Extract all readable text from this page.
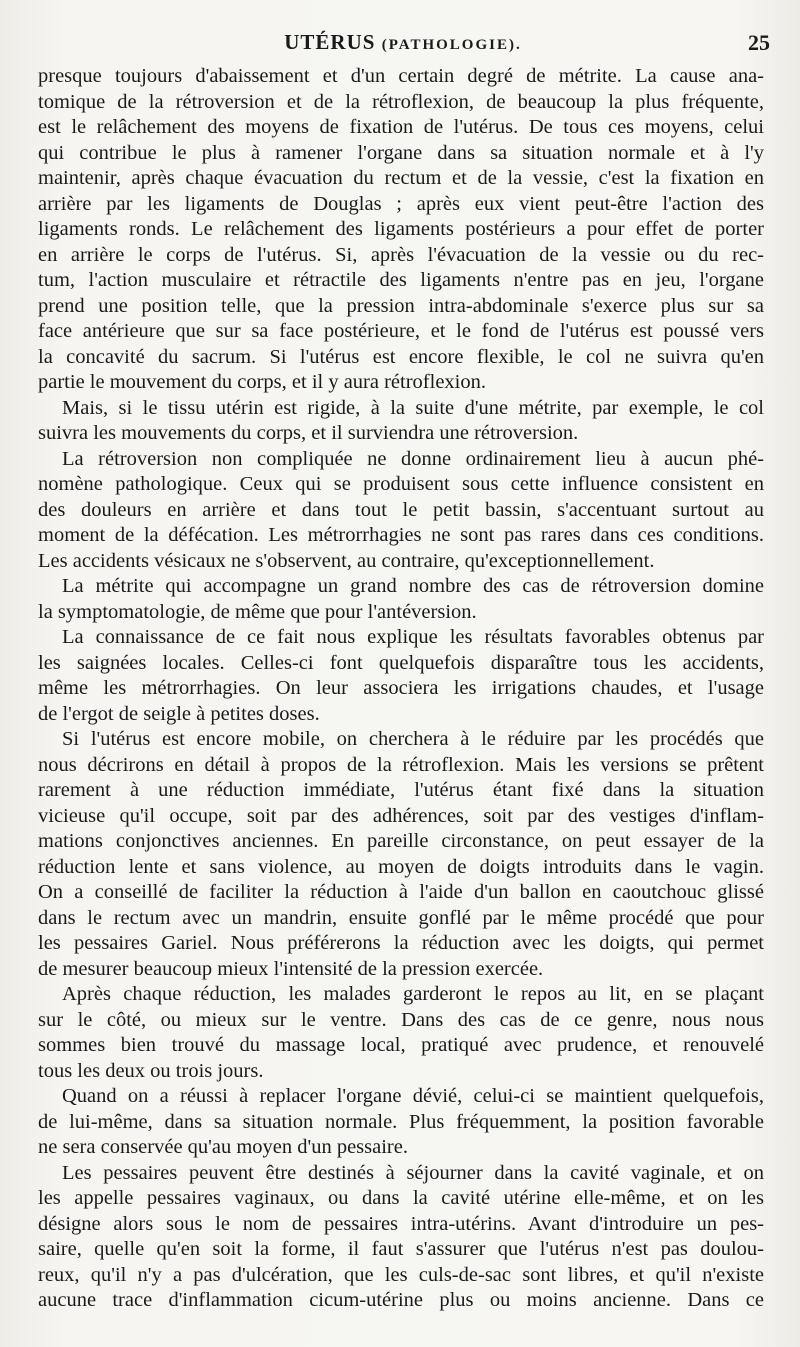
UTÉRUS (PATHOLOGIE).	25
presque toujours d'abaissement et d'un certain degré de métrite. La cause ana-
tomique de la rétroversion et de la rétroflexion, de beaucoup la plus fréquente,
est le relâchement des moyens de fixation de l'utérus. De tous ces moyens, celui
qui contribue le plus à ramener l'organe dans sa situation normale et à l'y
maintenir, après chaque évacuation du rectum et de la vessie, c'est la fixation en
arrière par les ligaments de Douglas ; après eux vient peut-être l'action des
ligaments ronds. Le relâchement des ligaments postérieurs a pour effet de porter
en arrière le corps de l'utérus. Si, après l'évacuation de la vessie ou du rec-
tum, l'action musculaire et rétractile des ligaments n'entre pas en jeu, l'organe
prend une position telle, que la pression intra-abdominale s'exerce plus sur sa
face antérieure que sur sa face postérieure, et le fond de l'utérus est poussé vers
la concavité du sacrum. Si l'utérus est encore flexible, le col ne suivra qu'en
partie le mouvement du corps, et il y aura rétroflexion.
Mais, si le tissu utérin est rigide, à la suite d'une métrite, par exemple, le col
suivra les mouvements du corps, et il surviendra une rétroversion.
La rétroversion non compliquée ne donne ordinairement lieu à aucun phé-
nomène pathologique. Ceux qui se produisent sous cette influence consistent en
des douleurs en arrière et dans tout le petit bassin, s'accentuant surtout au
moment de la défécation. Les métrorrhagies ne sont pas rares dans ces conditions.
Les accidents vésicaux ne s'observent, au contraire, qu'exceptionnellement.
La métrite qui accompagne un grand nombre des cas de rétroversion domine
la symptomatologie, de même que pour l'antéversion.
La connaissance de ce fait nous explique les résultats favorables obtenus par
les saignées locales. Celles-ci font quelquefois disparaître tous les accidents,
même les métrorrhagies. On leur associera les irrigations chaudes, et l'usage
de l'ergot de seigle à petites doses.
Si l'utérus est encore mobile, on cherchera à le réduire par les procédés que
nous décrirons en détail à propos de la rétroflexion. Mais les versions se prêtent
rarement à une réduction immédiate, l'utérus étant fixé dans la situation
vicieuse qu'il occupe, soit par des adhérences, soit par des vestiges d'inflam-
mations conjonctives anciennes. En pareille circonstance, on peut essayer de la
réduction lente et sans violence, au moyen de doigts introduits dans le vagin.
On a conseillé de faciliter la réduction à l'aide d'un ballon en caoutchouc glissé
dans le rectum avec un mandrin, ensuite gonflé par le même procédé que pour
les pessaires Gariel. Nous préférerons la réduction avec les doigts, qui permet
de mesurer beaucoup mieux l'intensité de la pression exercée.
Après chaque réduction, les malades garderont le repos au lit, en se plaçant
sur le côté, ou mieux sur le ventre. Dans des cas de ce genre, nous nous
sommes bien trouvé du massage local, pratiqué avec prudence, et renouvelé
tous les deux ou trois jours.
Quand on a réussi à replacer l'organe dévié, celui-ci se maintient quelquefois,
de lui-même, dans sa situation normale. Plus fréquemment, la position favorable
ne sera conservée qu'au moyen d'un pessaire.
Les pessaires peuvent être destinés à séjourner dans la cavité vaginale, et on
les appelle pessaires vaginaux, ou dans la cavité utérine elle-même, et on les
désigne alors sous le nom de pessaires intra-utérins. Avant d'introduire un pes-
saire, quelle qu'en soit la forme, il faut s'assurer que l'utérus n'est pas doulou-
reux, qu'il n'y a pas d'ulcération, que les culs-de-sac sont libres, et qu'il n'existe
aucune trace d'inflammation cicum-utérine plus ou moins ancienne. Dans ce
